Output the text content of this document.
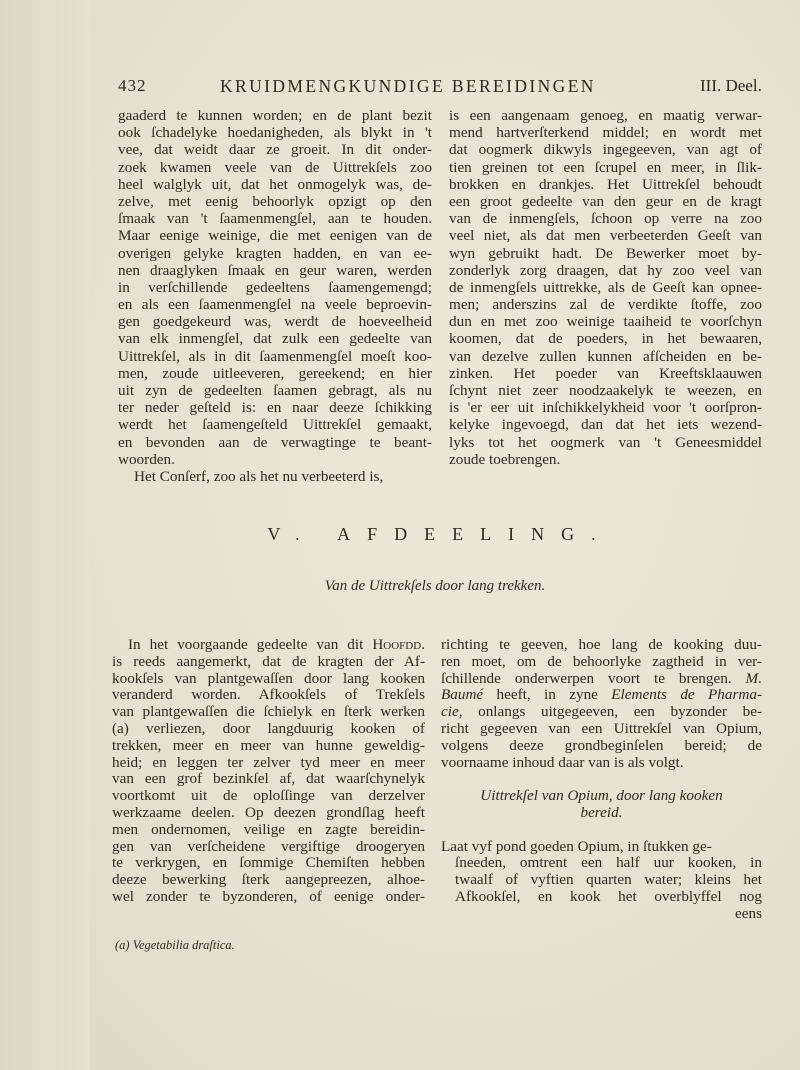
432	KRUIDMENGKUNDIGE BEREIDINGEN	III. Deel.
gaaderd te kunnen worden; en de plant bezit
ook ſchadelyke hoedanigheden, als blykt in 't
vee, dat weidt daar ze groeit. In dit onder-
zoek kwamen veele van de Uittrekſels zoo
heel walglyk uit, dat het onmogelyk was, de-
zelve, met eenig behoorlyk opzigt op den
ſmaak van 't ſaamenmengſel, aan te houden.
Maar eenige weinige, die met eenigen van de
overigen gelyke kragten hadden, en van ee-
nen draaglyken ſmaak en geur waren, werden
in verſchillende gedeeltens ſaamengemengd;
en als een ſaamenmengſel na veele beproevin-
gen goedgekeurd was, werdt de hoeveelheid
van elk inmengſel, dat zulk een gedeelte van
Uittrekſel, als in dit ſaamenmengſel moeſt koo-
men, zoude uitleeveren, gereekend; en hier
uit zyn de gedeelten ſaamen gebragt, als nu
ter neder geſteld is: en naar deeze ſchikking
werdt het ſaamengeſteld Uittrekſel gemaakt,
en bevonden aan de verwagtinge te beant-
woorden.
Het Conſerf, zoo als het nu verbeeterd is,
is een aangenaam genoeg, en maatig verwar-
mend hartverſterkend middel; en wordt met
dat oogmerk dikwyls ingegeeven, van agt of
tien greinen tot een ſcrupel en meer, in ſlik-
brokken en drankjes. Het Uittrekſel behoudt
een groot gedeelte van den geur en de kragt
van de inmengſels, ſchoon op verre na zoo
veel niet, als dat men verbeeterden Geeſt van
wyn gebruikt hadt. De Bewerker moet by-
zonderlyk zorg draagen, dat hy zoo veel van
de inmengſels uittrekke, als de Geeſt kan opnee-
men; anderszins zal de verdikte ſtoffe, zoo
dun en met zoo weinige taaiheid te voorſchyn
koomen, dat de poeders, in het bewaaren,
van dezelve zullen kunnen afſcheiden en be-
zinken. Het poeder van Kreeftsklaauwen
ſchynt niet zeer noodzaakelyk te weezen, en
is 'er eer uit inſchikkelykheid voor 't oorſpron-
kelyke ingevoegd, dan dat het iets wezend-
lyks tot het oogmerk van 't Geneesmiddel
zoude toebrengen.
V. AFDEELING.
Van de Uittrekſels door lang trekken.
In het voorgaande gedeelte van dit Hoofdd.
is reeds aangemerkt, dat de kragten der Af-
kookſels van plantgewaſſen door lang kooken
veranderd worden. Afkookſels of Trekſels
van plantgewaſſen die ſchielyk en ſterk werken
(a) verliezen, door langduurig kooken of
trekken, meer en meer van hunne geweldig-
heid; en leggen ter zelver tyd meer en meer
van een grof bezinkſel af, dat waarſchynelyk
voortkomt uit de oploſſinge van derzelver
werkzaame deelen. Op deezen grondſlag heeft
men ondernomen, veilige en zagte bereidin-
gen van verſcheidene vergiftige droogeryen
te verkrygen, en ſommige Chemiſten hebben
deeze bewerking ſterk aangepreezen, alhoe-
wel zonder te byzonderen, of eenige onder-
richting te geeven, hoe lang de kooking duu-
ren moet, om de behoorlyke zagtheid in ver-
ſchillende onderwerpen voort te brengen. M.
Baumé heeft, in zyne Elements de Pharma-
cie, onlangs uitgegeeven, een byzonder be-
richt gegeeven van een Uittrekſel van Opium,
volgens deeze grondbeginſelen bereid; de
voornaame inhoud daar van is als volgt.
Uittrekſel van Opium, door lang kooken
bereid.
Laat vyf pond goeden Opium, in ſtukken ge-
ſneeden, omtrent een half uur kooken, in
twaalf of vyftien quarten water; kleins het
Afkookſel, en kook het overblyffel nog
eens
(a) Vegetabilia draſtica.
